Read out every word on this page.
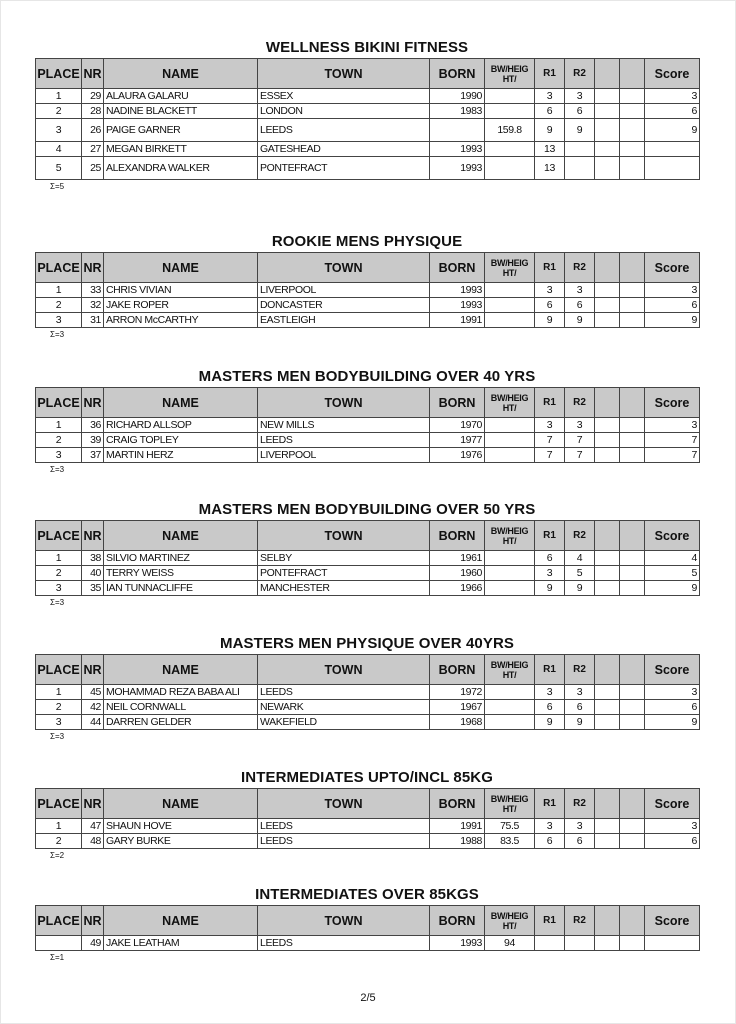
WELLNESS BIKINI FITNESS
PLACE	NR	NAME	TOWN	BORN	BW/HEIG HT/	R1	R2			Score
1	29	ALAURA GALARU	ESSEX	1990		3	3			3
2	28	NADINE BLACKETT	LONDON	1983		6	6			6
3	26	PAIGE GARNER	LEEDS		159.8	9	9			9
4	27	MEGAN BIRKETT	GATESHEAD	1993		13				
5	25	ALEXANDRA WALKER	PONTEFRACT	1993		13				
Σ=5
ROOKIE MENS PHYSIQUE
PLACE	NR	NAME	TOWN	BORN	BW/HEIG HT/	R1	R2			Score
1	33	CHRIS VIVIAN	LIVERPOOL	1993		3	3			3
2	32	JAKE ROPER	DONCASTER	1993		6	6			6
3	31	ARRON McCARTHY	EASTLEIGH	1991		9	9			9
Σ=3
MASTERS MEN BODYBUILDING OVER 40 YRS
PLACE	NR	NAME	TOWN	BORN	BW/HEIG HT/	R1	R2			Score
1	36	RICHARD ALLSOP	NEW MILLS	1970		3	3			3
2	39	CRAIG TOPLEY	LEEDS	1977		7	7			7
3	37	MARTIN HERZ	LIVERPOOL	1976		7	7			7
Σ=3
MASTERS MEN BODYBUILDING OVER 50 YRS
PLACE	NR	NAME	TOWN	BORN	BW/HEIG HT/	R1	R2			Score
1	38	SILVIO MARTINEZ	SELBY	1961		6	4			4
2	40	TERRY WEISS	PONTEFRACT	1960		3	5			5
3	35	IAN TUNNACLIFFE	MANCHESTER	1966		9	9			9
Σ=3
MASTERS MEN PHYSIQUE OVER 40YRS
PLACE	NR	NAME	TOWN	BORN	BW/HEIG HT/	R1	R2			Score
1	45	MOHAMMAD REZA BABA ALI	LEEDS	1972		3	3			3
2	42	NEIL CORNWALL	NEWARK	1967		6	6			6
3	44	DARREN GELDER	WAKEFIELD	1968		9	9			9
Σ=3
INTERMEDIATES UPTO/INCL 85KG
PLACE	NR	NAME	TOWN	BORN	BW/HEIG HT/	R1	R2			Score
1	47	SHAUN HOVE	LEEDS	1991	75.5	3	3			3
2	48	GARY BURKE	LEEDS	1988	83.5	6	6			6
Σ=2
INTERMEDIATES OVER 85KGS
PLACE	NR	NAME	TOWN	BORN	BW/HEIG HT/	R1	R2			Score
	49	JAKE LEATHAM	LEEDS	1993	94					
Σ=1
2/5
